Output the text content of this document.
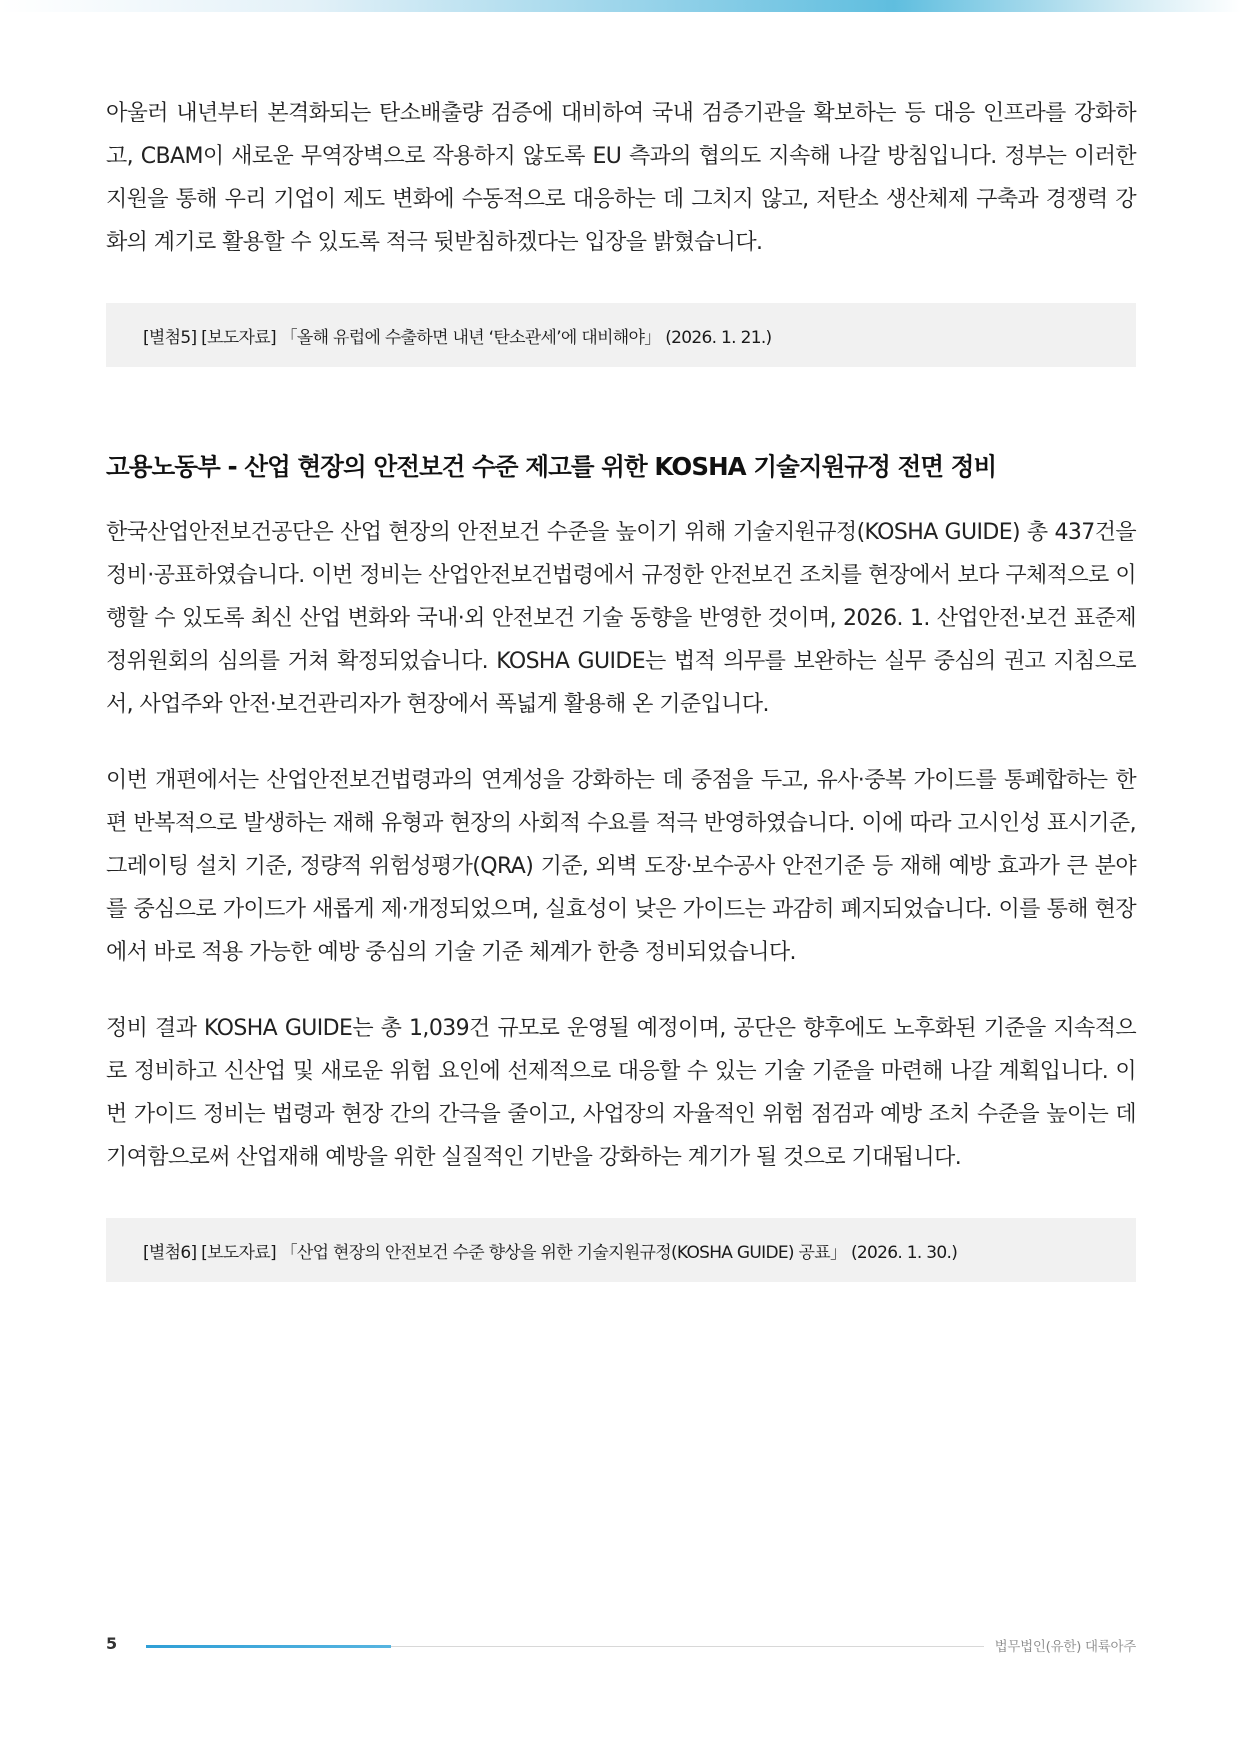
아울러 내년부터 본격화되는 탄소배출량 검증에 대비하여 국내 검증기관을 확보하는 등 대응 인프라를 강화하고, CBAM이 새로운 무역장벽으로 작용하지 않도록 EU 측과의 협의도 지속해 나갈 방침입니다. 정부는 이러한 지원을 통해 우리 기업이 제도 변화에 수동적으로 대응하는 데 그치지 않고, 저탄소 생산체제 구축과 경쟁력 강화의 계기로 활용할 수 있도록 적극 뒷받침하겠다는 입장을 밝혔습니다.

[별첨5] [보도자료] 「올해 유럽에 수출하면 내년 ‘탄소관세’에 대비해야」 (2026. 1. 21.)
고용노동부 - 산업 현장의 안전보건 수준 제고를 위한 KOSHA 기술지원규정 전면 정비

한국산업안전보건공단은 산업 현장의 안전보건 수준을 높이기 위해 기술지원규정(KOSHA GUIDE) 총 437건을 정비·공표하였습니다. 이번 정비는 산업안전보건법령에서 규정한 안전보건 조치를 현장에서 보다 구체적으로 이행할 수 있도록 최신 산업 변화와 국내·외 안전보건 기술 동향을 반영한 것이며, 2026. 1. 산업안전·보건 표준제정위원회의 심의를 거쳐 확정되었습니다. KOSHA GUIDE는 법적 의무를 보완하는 실무 중심의 권고 지침으로서, 사업주와 안전·보건관리자가 현장에서 폭넓게 활용해 온 기준입니다.

이번 개편에서는 산업안전보건법령과의 연계성을 강화하는 데 중점을 두고, 유사·중복 가이드를 통폐합하는 한편 반복적으로 발생하는 재해 유형과 현장의 사회적 수요를 적극 반영하였습니다. 이에 따라 고시인성 표시기준, 그레이팅 설치 기준, 정량적 위험성평가(QRA) 기준, 외벽 도장·보수공사 안전기준 등 재해 예방 효과가 큰 분야를 중심으로 가이드가 새롭게 제·개정되었으며, 실효성이 낮은 가이드는 과감히 폐지되었습니다. 이를 통해 현장에서 바로 적용 가능한 예방 중심의 기술 기준 체계가 한층 정비되었습니다.

정비 결과 KOSHA GUIDE는 총 1,039건 규모로 운영될 예정이며, 공단은 향후에도 노후화된 기준을 지속적으로 정비하고 신산업 및 새로운 위험 요인에 선제적으로 대응할 수 있는 기술 기준을 마련해 나갈 계획입니다. 이번 가이드 정비는 법령과 현장 간의 간극을 줄이고, 사업장의 자율적인 위험 점검과 예방 조치 수준을 높이는 데 기여함으로써 산업재해 예방을 위한 실질적인 기반을 강화하는 계기가 될 것으로 기대됩니다.

[별첨6] [보도자료] 「산업 현장의 안전보건 수준 향상을 위한 기술지원규정(KOSHA GUIDE) 공표」 (2026. 1. 30.)
5	법무법인(유한) 대륙아주
